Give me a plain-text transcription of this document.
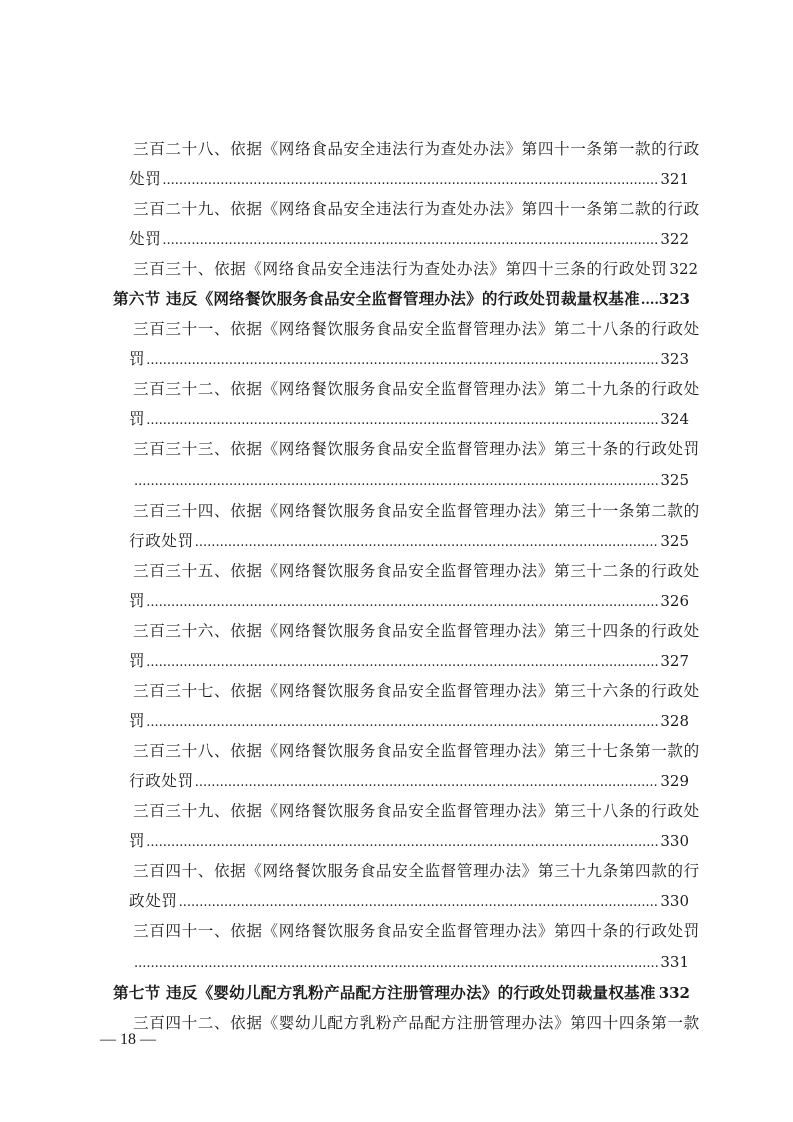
三百二十八、依据《网络食品安全违法行为查处办法》第四十一条第一款的行政
处罚 .....	321
三百二十九、依据《网络食品安全违法行为查处办法》第四十一条第二款的行政
处罚 .....	322
三百三十、依据《网络食品安全违法行为查处办法》第四十三条的行政处罚 322
第六节 违反《网络餐饮服务食品安全监督管理办法》的行政处罚裁量权基准 ..... 323
三百三十一、依据《网络餐饮服务食品安全监督管理办法》第二十八条的行政处
罚 .....	323
三百三十二、依据《网络餐饮服务食品安全监督管理办法》第二十九条的行政处
罚 .....	324
三百三十三、依据《网络餐饮服务食品安全监督管理办法》第三十条的行政处罚
.....
325
三百三十四、依据《网络餐饮服务食品安全监督管理办法》第三十一条第二款的
行政处罚 .....	325
三百三十五、依据《网络餐饮服务食品安全监督管理办法》第三十二条的行政处
罚 .....	326
三百三十六、依据《网络餐饮服务食品安全监督管理办法》第三十四条的行政处
罚 .....	327
三百三十七、依据《网络餐饮服务食品安全监督管理办法》第三十六条的行政处
罚 .....	328
三百三十八、依据《网络餐饮服务食品安全监督管理办法》第三十七条第一款的
行政处罚 .....	329
三百三十九、依据《网络餐饮服务食品安全监督管理办法》第三十八条的行政处
罚 .....	330
三百四十、依据《网络餐饮服务食品安全监督管理办法》第三十九条第四款的行
政处罚 .....	330
三百四十一、依据《网络餐饮服务食品安全监督管理办法》第四十条的行政处罚
.....
331
第七节 违反《婴幼儿配方乳粉产品配方注册管理办法》的行政处罚裁量权基准 ..... 332
三百四十二、依据《婴幼儿配方乳粉产品配方注册管理办法》第四十四条第一款
— 18 —
